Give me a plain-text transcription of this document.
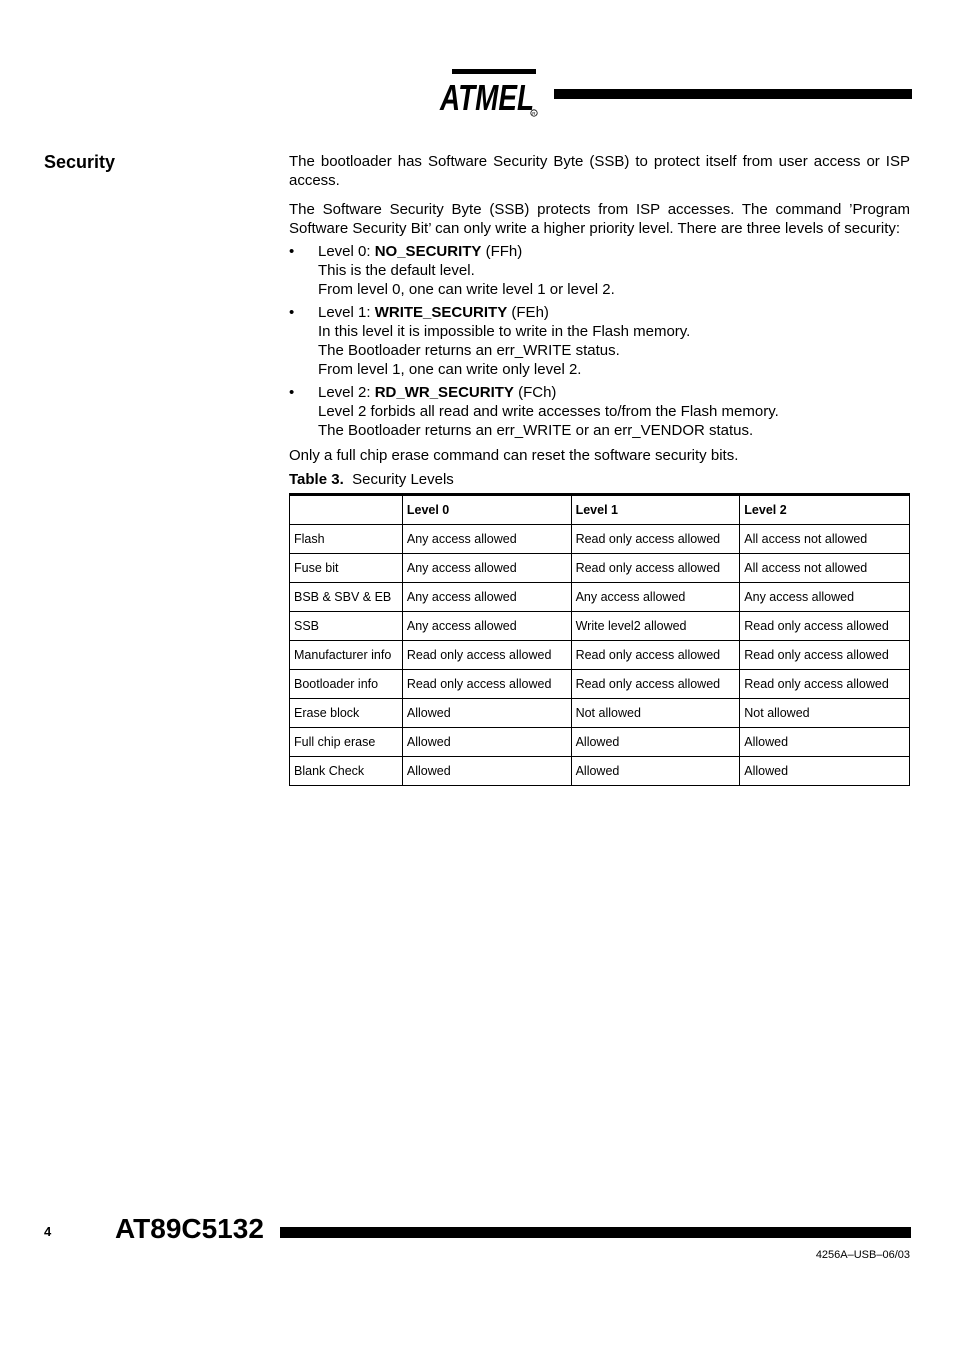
ATMEL
R
Security	The bootloader has Software Security Byte (SSB) to protect itself from user access or ISP access.

The Software Security Byte (SSB) protects from ISP accesses. The command ’Program Software Security Bit’ can only write a higher priority level. There are three levels of security:

• Level 0: NO_SECURITY (FFh)
This is the default level.
From level 0, one can write level 1 or level 2.
• Level 1: WRITE_SECURITY (FEh)
In this level it is impossible to write in the Flash memory.
The Bootloader returns an err_WRITE status.
From level 1, one can write only level 2.
• Level 2: RD_WR_SECURITY (FCh)
Level 2 forbids all read and write accesses to/from the Flash memory.
The Bootloader returns an err_WRITE or an err_VENDOR status.

Only a full chip erase command can reset the software security bits.

Table 3. Security Levels
	Level 0	Level 1	Level 2
Flash	Any access allowed	Read only access allowed	All access not allowed
Fuse bit	Any access allowed	Read only access allowed	All access not allowed
BSB & SBV & EB	Any access allowed	Any access allowed	Any access allowed
SSB	Any access allowed	Write level2 allowed	Read only access allowed
Manufacturer info	Read only access allowed	Read only access allowed	Read only access allowed
Bootloader info	Read only access allowed	Read only access allowed	Read only access allowed
Erase block	Allowed	Not allowed	Not allowed
Full chip erase	Allowed	Allowed	Allowed
Blank Check	Allowed	Allowed	Allowed
4 AT89C5132
4256A–USB–06/03
